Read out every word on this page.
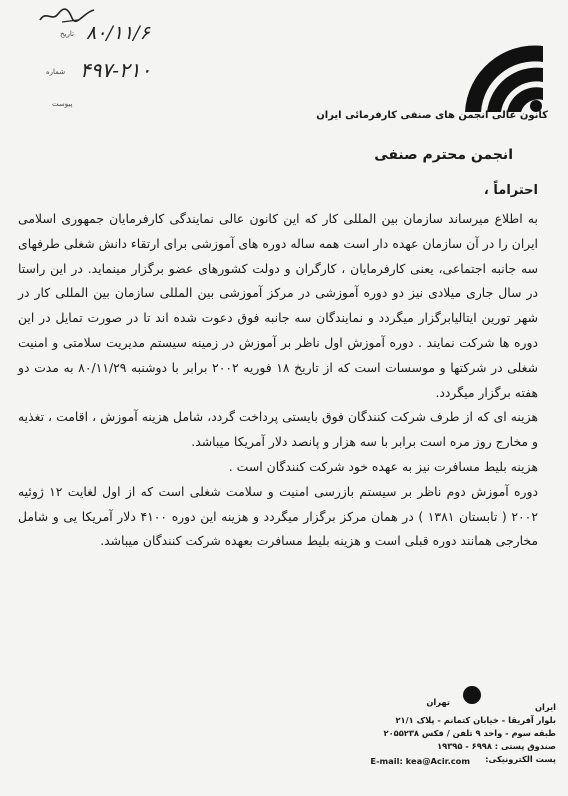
تاریخ ۸۰/۱۱/۶
شماره ۴۹۷-۲۱۰
پیوست
کانون عالی انجمن های صنفی کارفرمائی ایران
انجمن محترم صنفی
احتراماً ،

به اطلاع میرساند سازمان بین المللی کار که این کانون عالی نمایندگی کارفرمایان جمهوری اسلامی ایران را در آن سازمان عهده دار است همه ساله دوره های آموزشی برای ارتقاء دانش شغلی طرفهای سه جانبه اجتماعی، یعنی کارفرمایان ، کارگران و دولت کشورهای عضو برگزار مینماید. در این راستا در سال جاری میلادی نیز دو دوره آموزشی در مرکز آموزشی بین المللی سازمان بین المللی کار در شهر تورین ایتالیابرگزار میگردد و نمایندگان سه جانبه فوق دعوت شده اند تا در صورت تمایل در این دوره ها شرکت نمایند . دوره آموزش اول ناظر بر آموزش در زمینه سیستم مدیریت سلامتی و امنیت شغلی در شرکتها و موسسات است که از تاریخ ۱۸ فوریه ۲۰۰۲ برابر با دوشنبه ۸۰/۱۱/۲۹ به مدت دو هفته برگزار میگردد.

هزینه ای که از طرف شرکت کنندگان فوق بایستی پرداخت گردد، شامل هزینه آموزش ، اقامت ، تغذیه و مخارج روز مره است برابر با سه هزار و پانصد دلار آمریکا میباشد.

هزینه بلیط مسافرت نیز به عهده خود شرکت کنندگان است .

دوره آموزش دوم ناظر بر سیستم بازرسی امنیت و سلامت شغلی است که از اول لغایت ۱۲ ژوئیه ۲۰۰۲ ( تابستان ۱۳۸۱ ) در همان مرکز برگزار میگردد و هزینه این دوره ۴۱۰۰ دلار آمریکا یی و شامل مخارجی همانند دوره قبلی است و هزینه بلیط مسافرت بعهده شرکت کنندگان میباشد.

ایران
بلوار آفریقا - خیابان کتمانم - پلاک ۲۱/۱
طبقه سوم - واحد ۹ تلفن / فکس ۲۰۵۵۲۳۸
صندوق پستی : ۶۹۹۸ - ۱۹۳۹۵
پست الکترونیکی:
تهران
E-mail: kea@Acir.com
